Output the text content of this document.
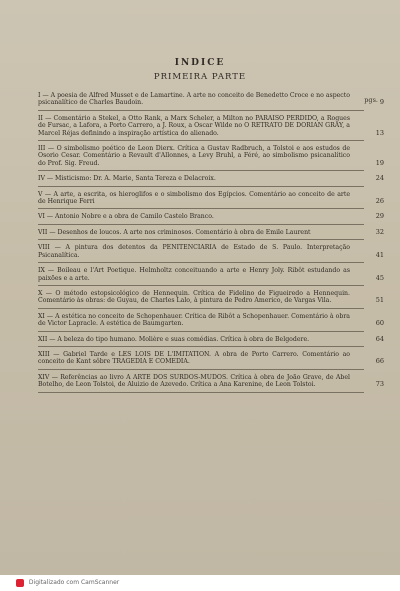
INDICE
PRIMEIRA PARTE
pgs.
I — A poesia de Alfred Musset e de Lamartine. A arte no conceito de Benedetto Croce e no aspecto psicanalítico de Charles Baudoin.	9
II — Comentário a Stekel, a Otto Rank, a Marx Scheler, a Milton no PARAISO PERDIDO, a Rogues de Fursac, a Lafora, a Porto Carrero, a J. Roux, a Oscar Wilde no O RETRATO DE DORIAN GRAY, a Marcel Réjas definindo a inspiração artística do alienado.	13
III — O simbolismo poético de Leon Dierx. Crítica a Gustav Radbruch, a Tolstoi e aos estudos de Osorio Cesar. Comentário a Revault d'Allonnes, a Levy Bruhl, a Féré, ao simbolismo psicanalítico do Prof. Sig. Freud.	19
IV — Misticismo: Dr. A. Marie, Santa Tereza e Delacroix.	24
V — A arte, a escrita, os hieroglifos e o simbolismo dos Egípcios. Comentário ao conceito de arte de Henrique Ferri	26
VI — Antonio Nobre e a obra de Camilo Castelo Branco.	29
VII — Desenhos de loucos. A arte nos criminosos. Comentário à obra de Emile Laurent	32
VIII — A pintura dos detentos da PENITENCIARIA de Estado de S. Paulo. Interpretação Psicanalítica.	41
IX — Boileau e l'Art Poetique. Helmholtz conceituando a arte e Henry Joly. Ribôt estudando as paixões e a arte.	45
X — O método estopsicológico de Hennequin. Crítica de Fidelino de Figueiredo a Hennequin. Comentário às obras: de Guyau, de Charles Lalo, à pintura de Pedro Americo, de Vargas Vila.	51
XI — A estética no conceito de Schopenhauer. Crítica de Ribôt a Schopenhauer. Comentário à obra de Victor Lapracle. A estética de Baumgarten.	60
XII — A beleza do tipo humano. Molière e suas comédias. Crítica à obra de Belgodere.	64
XIII — Gabriel Tarde e LES LOIS DE L'IMITATION. A obra de Porto Carrero. Comentário ao conceito de Kant sôbre TRAGEDIA E COMEDIA.	66
XIV — Referências ao livro A ARTE DOS SURDOS-MUDOS. Crítica à obra de João Grave, de Abel Botelho, de Leon Tolstoi, de Aluizio de Azevedo. Crítica a Ana Karenine, de Leon Tolstoi.	73
Digitalizado com CamScanner
